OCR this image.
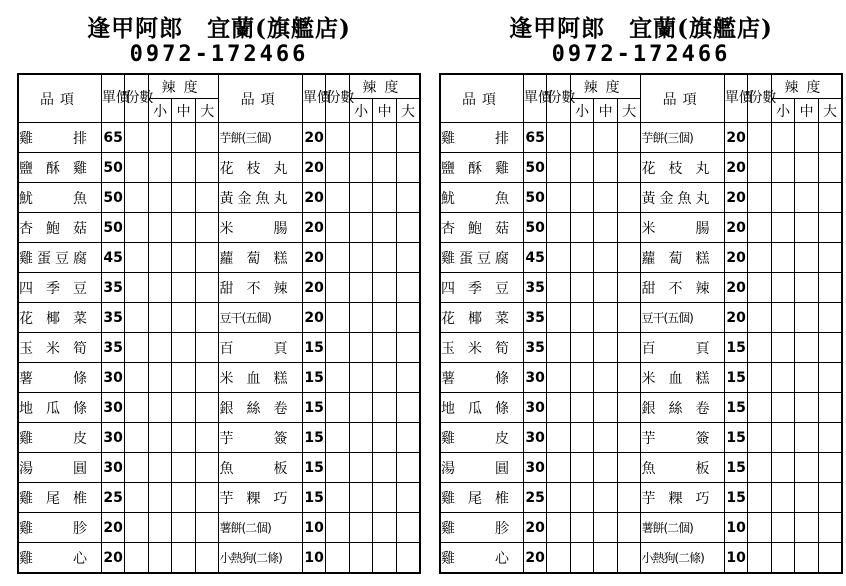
逢甲阿郎　宜蘭(旗艦店)
0972-172466
品項	單價	份數	辣度			品項	單價	份數	辣度		
			小	中	大				小	中	大

雞排	65					芋餅(三個)	20				

鹽酥雞	50					花枝丸	20				

魷魚	50					黃金魚丸	20				

杏鮑菇	50					米腸	20				

雞蛋豆腐	45					蘿蔔糕	20				

四季豆	35					甜不辣	20				

花椰菜	35					豆干(五個)	20				

玉米筍	35					百頁	15				

薯條	30					米血糕	15				

地瓜條	30					銀絲卷	15				

雞皮	30					芋簽	15				

湯圓	30					魚板	15				

雞尾椎	25					芋粿巧	15				

雞胗	20					薯餅(二個)	10				

雞心	20					小熱狗(二條)	10				
逢甲阿郎　宜蘭(旗艦店)
0972-172466
品項	單價	份數	辣度			品項	單價	份數	辣度		
			小	中	大				小	中	大

雞排	65					芋餅(三個)	20				

鹽酥雞	50					花枝丸	20				

魷魚	50					黃金魚丸	20				

杏鮑菇	50					米腸	20				

雞蛋豆腐	45					蘿蔔糕	20				

四季豆	35					甜不辣	20				

花椰菜	35					豆干(五個)	20				

玉米筍	35					百頁	15				

薯條	30					米血糕	15				

地瓜條	30					銀絲卷	15				

雞皮	30					芋簽	15				

湯圓	30					魚板	15				

雞尾椎	25					芋粿巧	15				

雞胗	20					薯餅(二個)	10				

雞心	20					小熱狗(二條)	10				
